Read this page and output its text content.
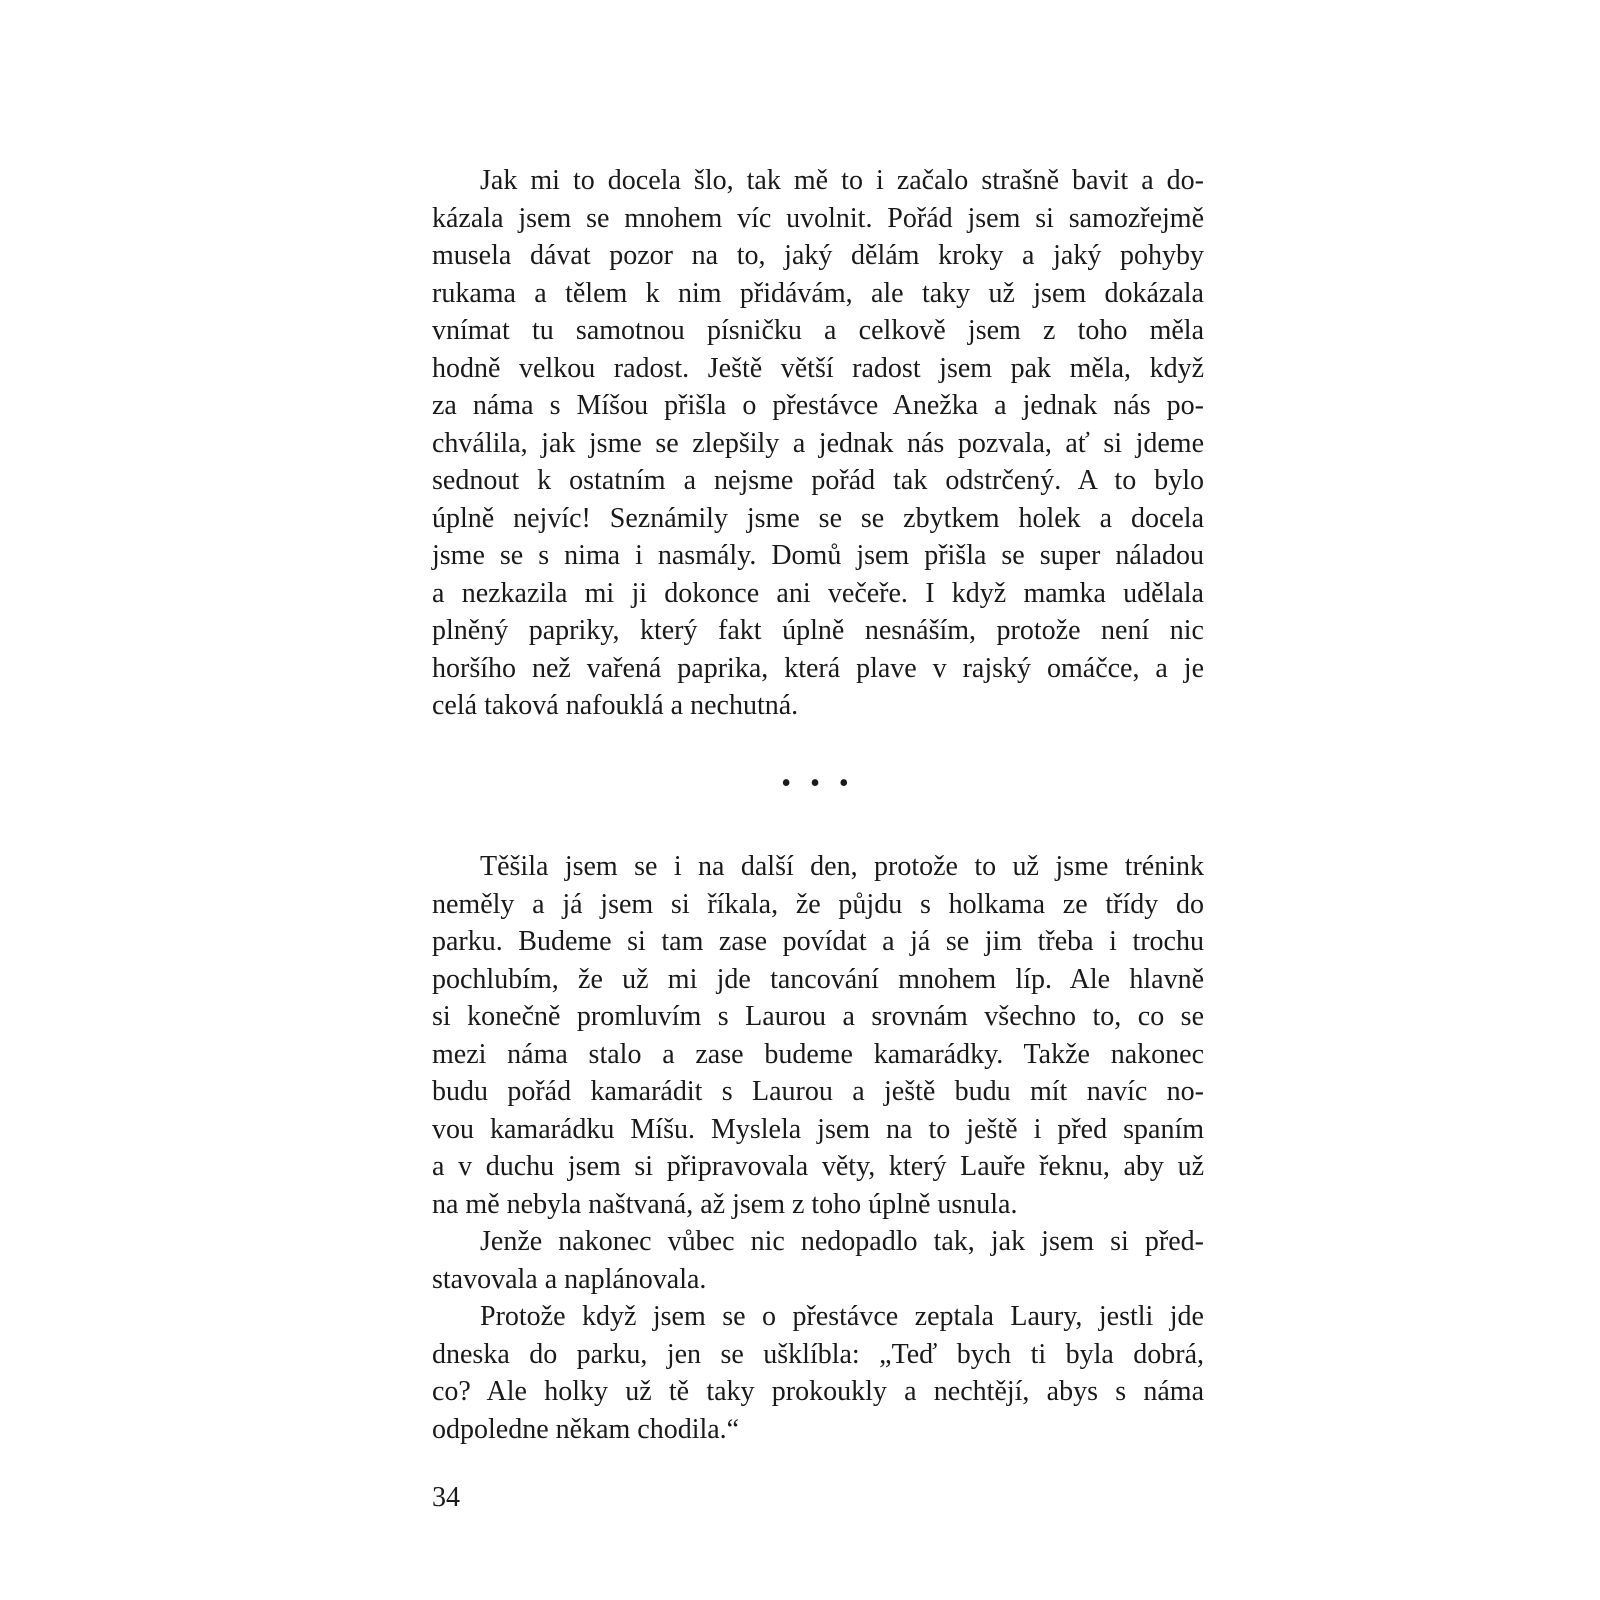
Jak mi to docela šlo, tak mě to i začalo strašně bavit a do-
kázala jsem se mnohem víc uvolnit. Pořád jsem si samozřejmě
musela dávat pozor na to, jaký dělám kroky a jaký pohyby
rukama a tělem k nim přidávám, ale taky už jsem dokázala
vnímat tu samotnou písničku a celkově jsem z toho měla
hodně velkou radost. Ještě větší radost jsem pak měla, když
za náma s Míšou přišla o přestávce Anežka a jednak nás po-
chválila, jak jsme se zlepšily a jednak nás pozvala, ať si jdeme
sednout k ostatním a nejsme pořád tak odstrčený. A to bylo
úplně nejvíc! Seznámily jsme se se zbytkem holek a docela
jsme se s nima i nasmály. Domů jsem přišla se super náladou
a nezkazila mi ji dokonce ani večeře. I když mamka udělala
plněný papriky, který fakt úplně nesnáším, protože není nic
horšího než vařená paprika, která plave v rajský omáčce, a je
celá taková nafouklá a nechutná.
• • •
Těšila jsem se i na další den, protože to už jsme trénink
neměly a já jsem si říkala, že půjdu s holkama ze třídy do
parku. Budeme si tam zase povídat a já se jim třeba i trochu
pochlubím, že už mi jde tancování mnohem líp. Ale hlavně
si konečně promluvím s Laurou a srovnám všechno to, co se
mezi náma stalo a zase budeme kamarádky. Takže nakonec
budu pořád kamarádit s Laurou a ještě budu mít navíc no-
vou kamarádku Míšu. Myslela jsem na to ještě i před spaním
a v duchu jsem si připravovala věty, který Lauře řeknu, aby už
na mě nebyla naštvaná, až jsem z toho úplně usnula.
Jenže nakonec vůbec nic nedopadlo tak, jak jsem si před-
stavovala a naplánovala.
Protože když jsem se o přestávce zeptala Laury, jestli jde
dneska do parku, jen se ušklíbla: „Teď bych ti byla dobrá,
co? Ale holky už tě taky prokoukly a nechtějí, abys s náma
odpoledne někam chodila.“
34
